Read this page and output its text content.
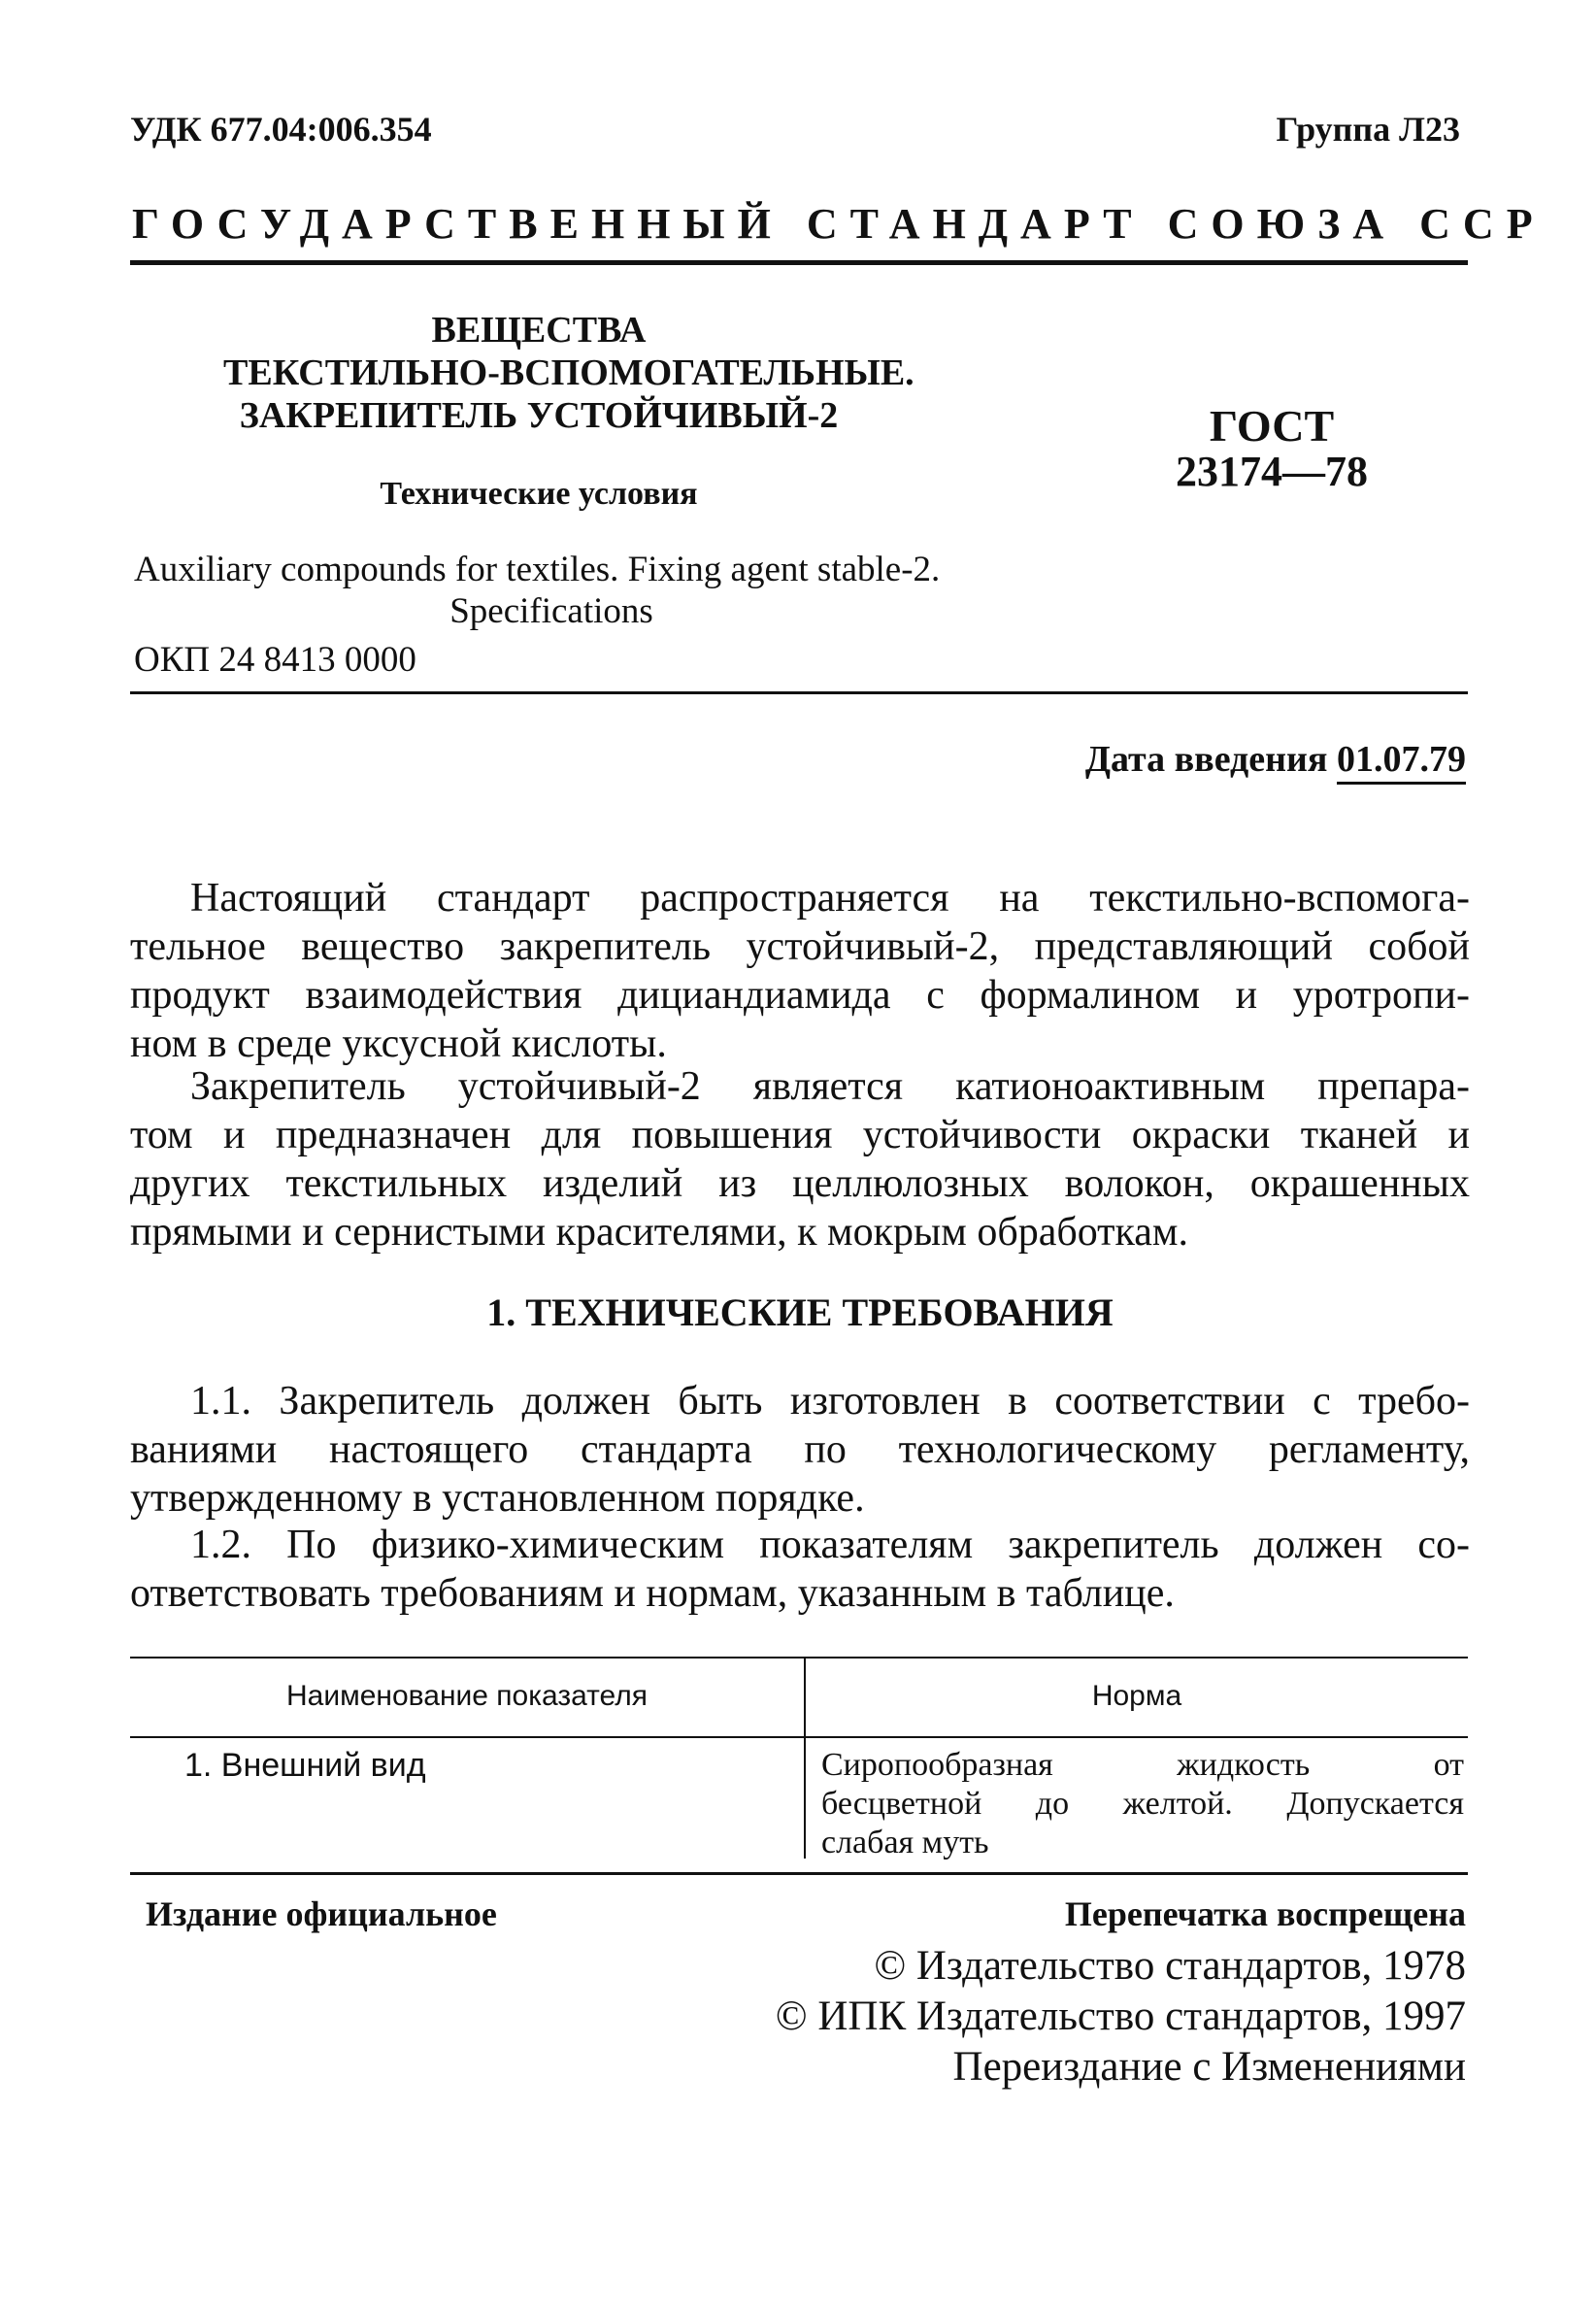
УДК 677.04:006.354	Группа Л23
ГОСУДАРСТВЕННЫЙ СТАНДАРТ СОЮЗА ССР
ВЕЩЕСТВА
ТЕКСТИЛЬНО-ВСПОМОГАТЕЛЬНЫЕ.
ЗАКРЕПИТЕЛЬ УСТОЙЧИВЫЙ-2
Технические условия
ГОСТ
23174—78
Auxiliary compounds for textiles. Fixing agent stable-2.
Specifications
ОКП 24 8413 0000
Дата введения 01.07.79
Настоящий стандарт распространяется на текстильно-вспомога-
тельное вещество закрепитель устойчивый-2, представляющий собой
продукт взаимодействия дициандиамида с формалином и уротропи-
ном в среде уксусной кислоты.
Закрепитель устойчивый-2 является катионоактивным препара-
том и предназначен для повышения устойчивости окраски тканей и
других текстильных изделий из целлюлозных волокон, окрашенных
прямыми и сернистыми красителями, к мокрым обработкам.
1. ТЕХНИЧЕСКИЕ ТРЕБОВАНИЯ
1.1. Закрепитель должен быть изготовлен в соответствии с требо-
ваниями настоящего стандарта по технологическому регламенту,
утвержденному в установленном порядке.
1.2. По физико-химическим показателям закрепитель должен со-
ответствовать требованиям и нормам, указанным в таблице.
Наименование показателя	Норма
1. Внешний вид	Сиропообразная жидкость от
бесцветной до желтой. Допускается
слабая муть
Издание официальное	Перепечатка воспрещена
© Издательство стандартов, 1978
© ИПК Издательство стандартов, 1997
Переиздание с Изменениями
